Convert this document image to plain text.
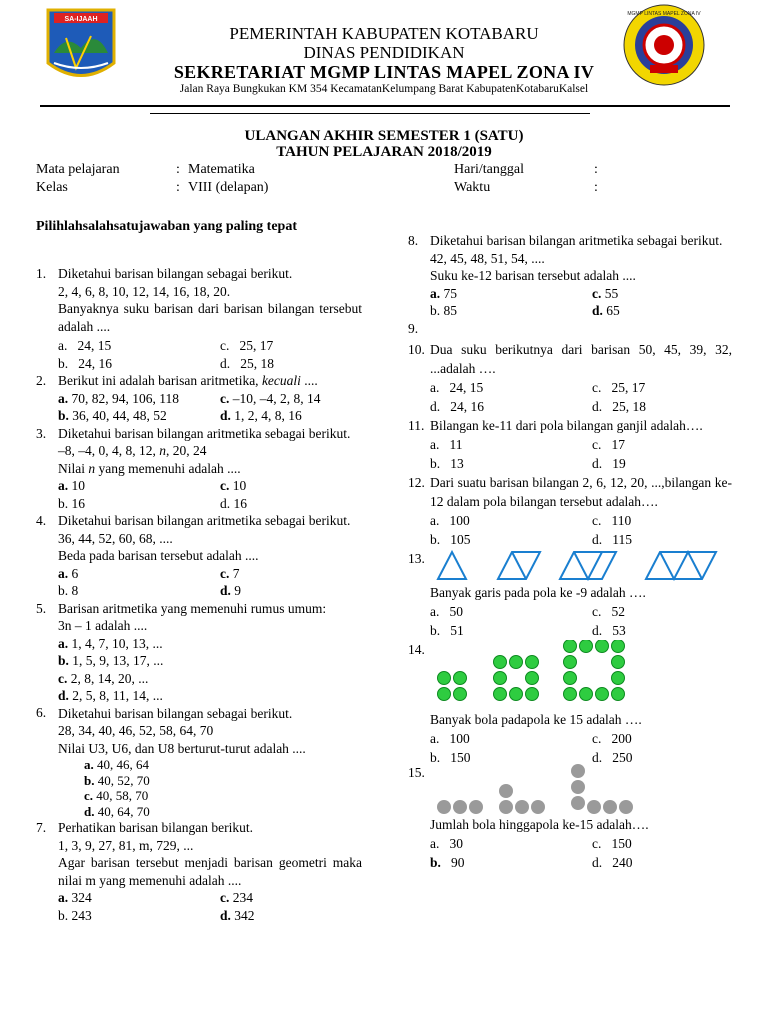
SA-IJAAH
MGMP LINTAS MAPEL ZONA IV
PEMERINTAH KABUPATEN KOTABARU
DINAS PENDIDIKAN
SEKRETARIAT MGMP LINTAS MAPEL ZONA IV
Jalan Raya Bungkukan KM 354 KecamatanKelumpang Barat KabupatenKotabaruKalsel
ULANGAN AKHIR SEMESTER 1 (SATU)
TAHUN PELAJARAN 2018/2019
Mata pelajaran	: Matematika
Kelas	: VIII (delapan)
Hari/tanggal	:
Waktu	:
Pilihlahsalahsatujawaban yang paling tepat
1. Diketahui barisan bilangan sebagai berikut.
2, 4, 6, 8, 10, 12, 14, 16, 18, 20.
Banyaknya suku barisan dari barisan bilangan tersebut adalah ....
a. 24, 15	c. 25, 17
b. 24, 16	d. 25, 18
2. Berikut ini adalah barisan aritmetika, kecuali ....
a. 70, 82, 94, 106, 118	c. –10, –4, 2, 8, 14
b. 36, 40, 44, 48, 52	d. 1, 2, 4, 8, 16
3. Diketahui barisan bilangan aritmetika sebagai berikut.
–8, –4, 0, 4, 8, 12, n, 20, 24
Nilai n yang memenuhi adalah ....
a. 10	c. 10
b. 16	d. 16
4. Diketahui barisan bilangan aritmetika sebagai berikut.
36, 44, 52, 60, 68, ....
Beda pada barisan tersebut adalah ....
a. 6	c. 7
b. 8	d. 9
5. Barisan aritmetika yang memenuhi rumus umum:
3n – 1 adalah ....
a. 1, 4, 7, 10, 13, ...
b. 1, 5, 9, 13, 17, ...
c. 2, 8, 14, 20, ...
d. 2, 5, 8, 11, 14, ...
6. Diketahui barisan bilangan sebagai berikut.
28, 34, 40, 46, 52, 58, 64, 70
Nilai U3, U6, dan U8 berturut-turut adalah ....
a. 40, 46, 64
b. 40, 52, 70
c. 40, 58, 70
d. 40, 64, 70
7. Perhatikan barisan bilangan berikut.
1, 3, 9, 27, 81, m, 729, ...
Agar barisan tersebut menjadi barisan geometri maka nilai m yang memenuhi adalah ....
a. 324	c. 234
b. 243	d. 342
8. Diketahui barisan bilangan aritmetika sebagai berikut.
42, 45, 48, 51, 54, ....
Suku ke-12 barisan tersebut adalah ....
a. 75	c. 55
b. 85	d. 65
9.
10. Dua suku berikutnya dari barisan 50, 45, 39, 32, ...adalah ….
a. 24, 15	c. 25, 17
d. 24, 16	d. 25, 18
11. Bilangan ke-11 dari pola bilangan ganjil adalah….
a. 11	c. 17
b. 13	d. 19
12. Dari suatu barisan bilangan 2, 6, 12, 20, ...,bilangan ke-12 dalam pola bilangan tersebut adalah….
a. 100	c. 110
b. 105	d. 115
13.
Banyak garis pada pola ke -9 adalah ….
a. 50	c. 52
b. 51	d. 53
14.
Banyak bola padapola ke 15 adalah ….
a. 100	c. 200
b. 150	d. 250
15.
Jumlah bola hinggapola ke-15 adalah….
a. 30	c. 150
b. 90	d. 240
